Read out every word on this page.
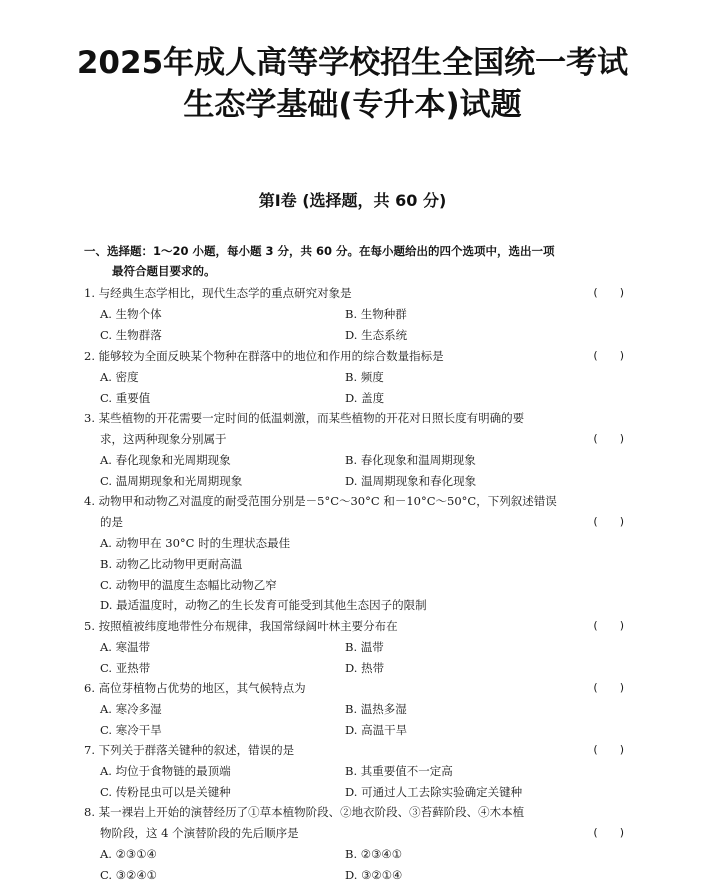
2025年成人高等学校招生全国统一考试
生态学基础(专升本)试题
第Ⅰ卷 (选择题，共 60 分)
一、选择题：1～20 小题，每小题 3 分，共 60 分。在每小题给出的四个选项中，选出一项
最符合题目要求的。
1. 与经典生态学相比，现代生态学的重点研究对象是	(　　)
A. 生物个体	B. 生物种群
C. 生物群落	D. 生态系统
2. 能够较为全面反映某个物种在群落中的地位和作用的综合数量指标是	(　　)
A. 密度	B. 频度
C. 重要值	D. 盖度
3. 某些植物的开花需要一定时间的低温刺激，而某些植物的开花对日照长度有明确的要
求，这两种现象分别属于	(　　)
A. 春化现象和光周期现象	B. 春化现象和温周期现象
C. 温周期现象和光周期现象	D. 温周期现象和春化现象
4. 动物甲和动物乙对温度的耐受范围分别是－5°C～30°C 和－10°C～50°C，下列叙述错误
的是	(　　)
A. 动物甲在 30°C 时的生理状态最佳
B. 动物乙比动物甲更耐高温
C. 动物甲的温度生态幅比动物乙窄
D. 最适温度时，动物乙的生长发育可能受到其他生态因子的限制
5. 按照植被纬度地带性分布规律，我国常绿阔叶林主要分布在	(　　)
A. 寒温带	B. 温带
C. 亚热带	D. 热带
6. 高位芽植物占优势的地区，其气候特点为	(　　)
A. 寒冷多湿	B. 温热多湿
C. 寒冷干旱	D. 高温干旱
7. 下列关于群落关键种的叙述，错误的是	(　　)
A. 均位于食物链的最顶端	B. 其重要值不一定高
C. 传粉昆虫可以是关键种	D. 可通过人工去除实验确定关键种
8. 某一裸岩上开始的演替经历了①草本植物阶段、②地衣阶段、③苔藓阶段、④木本植
物阶段，这 4 个演替阶段的先后顺序是	(　　)
A. ②③①④	B. ②③④①
C. ③②④①	D. ③②①④
